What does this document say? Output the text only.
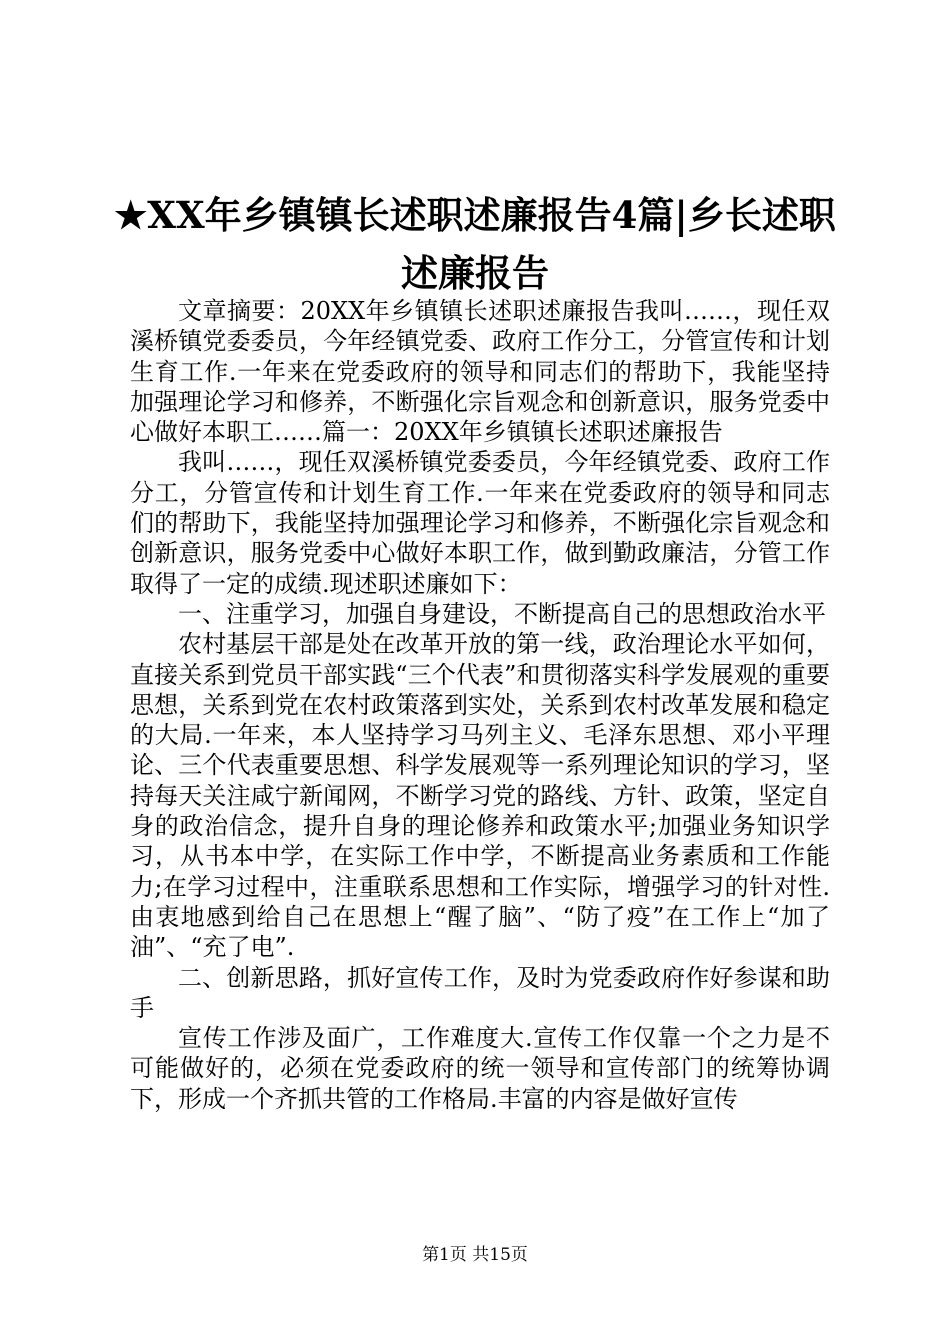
★XX年乡镇镇长述职述廉报告4篇|乡长述职述廉报告

文章摘要：20XX年乡镇镇长述职述廉报告我叫……，现任双溪桥镇党委委员，今年经镇党委、政府工作分工，分管宣传和计划生育工作.一年来在党委政府的领导和同志们的帮助下，我能坚持加强理论学习和修养，不断强化宗旨观念和创新意识，服务党委中心做好本职工……篇一：20XX年乡镇镇长述职述廉报告

我叫……，现任双溪桥镇党委委员，今年经镇党委、政府工作分工，分管宣传和计划生育工作.一年来在党委政府的领导和同志们的帮助下，我能坚持加强理论学习和修养，不断强化宗旨观念和创新意识，服务党委中心做好本职工作，做到勤政廉洁，分管工作取得了一定的成绩.现述职述廉如下：

一、注重学习，加强自身建设，不断提高自己的思想政治水平

农村基层干部是处在改革开放的第一线，政治理论水平如何，直接关系到党员干部实践“三个代表”和贯彻落实科学发展观的重要思想，关系到党在农村政策落到实处，关系到农村改革发展和稳定的大局.一年来，本人坚持学习马列主义、毛泽东思想、邓小平理论、三个代表重要思想、科学发展观等一系列理论知识的学习，坚持每天关注咸宁新闻网，不断学习党的路线、方针、政策，坚定自身的政治信念，提升自身的理论修养和政策水平;加强业务知识学习，从书本中学，在实际工作中学，不断提高业务素质和工作能力;在学习过程中，注重联系思想和工作实际，增强学习的针对性.由衷地感到给自己在思想上“醒了脑”、“防了疫”在工作上“加了油”、“充了电”.

二、创新思路，抓好宣传工作，及时为党委政府作好参谋和助手

宣传工作涉及面广，工作难度大.宣传工作仅靠一个之力是不可能做好的，必须在党委政府的统一领导和宣传部门的统筹协调下，形成一个齐抓共管的工作格局.丰富的内容是做好宣传

第1页 共15页
